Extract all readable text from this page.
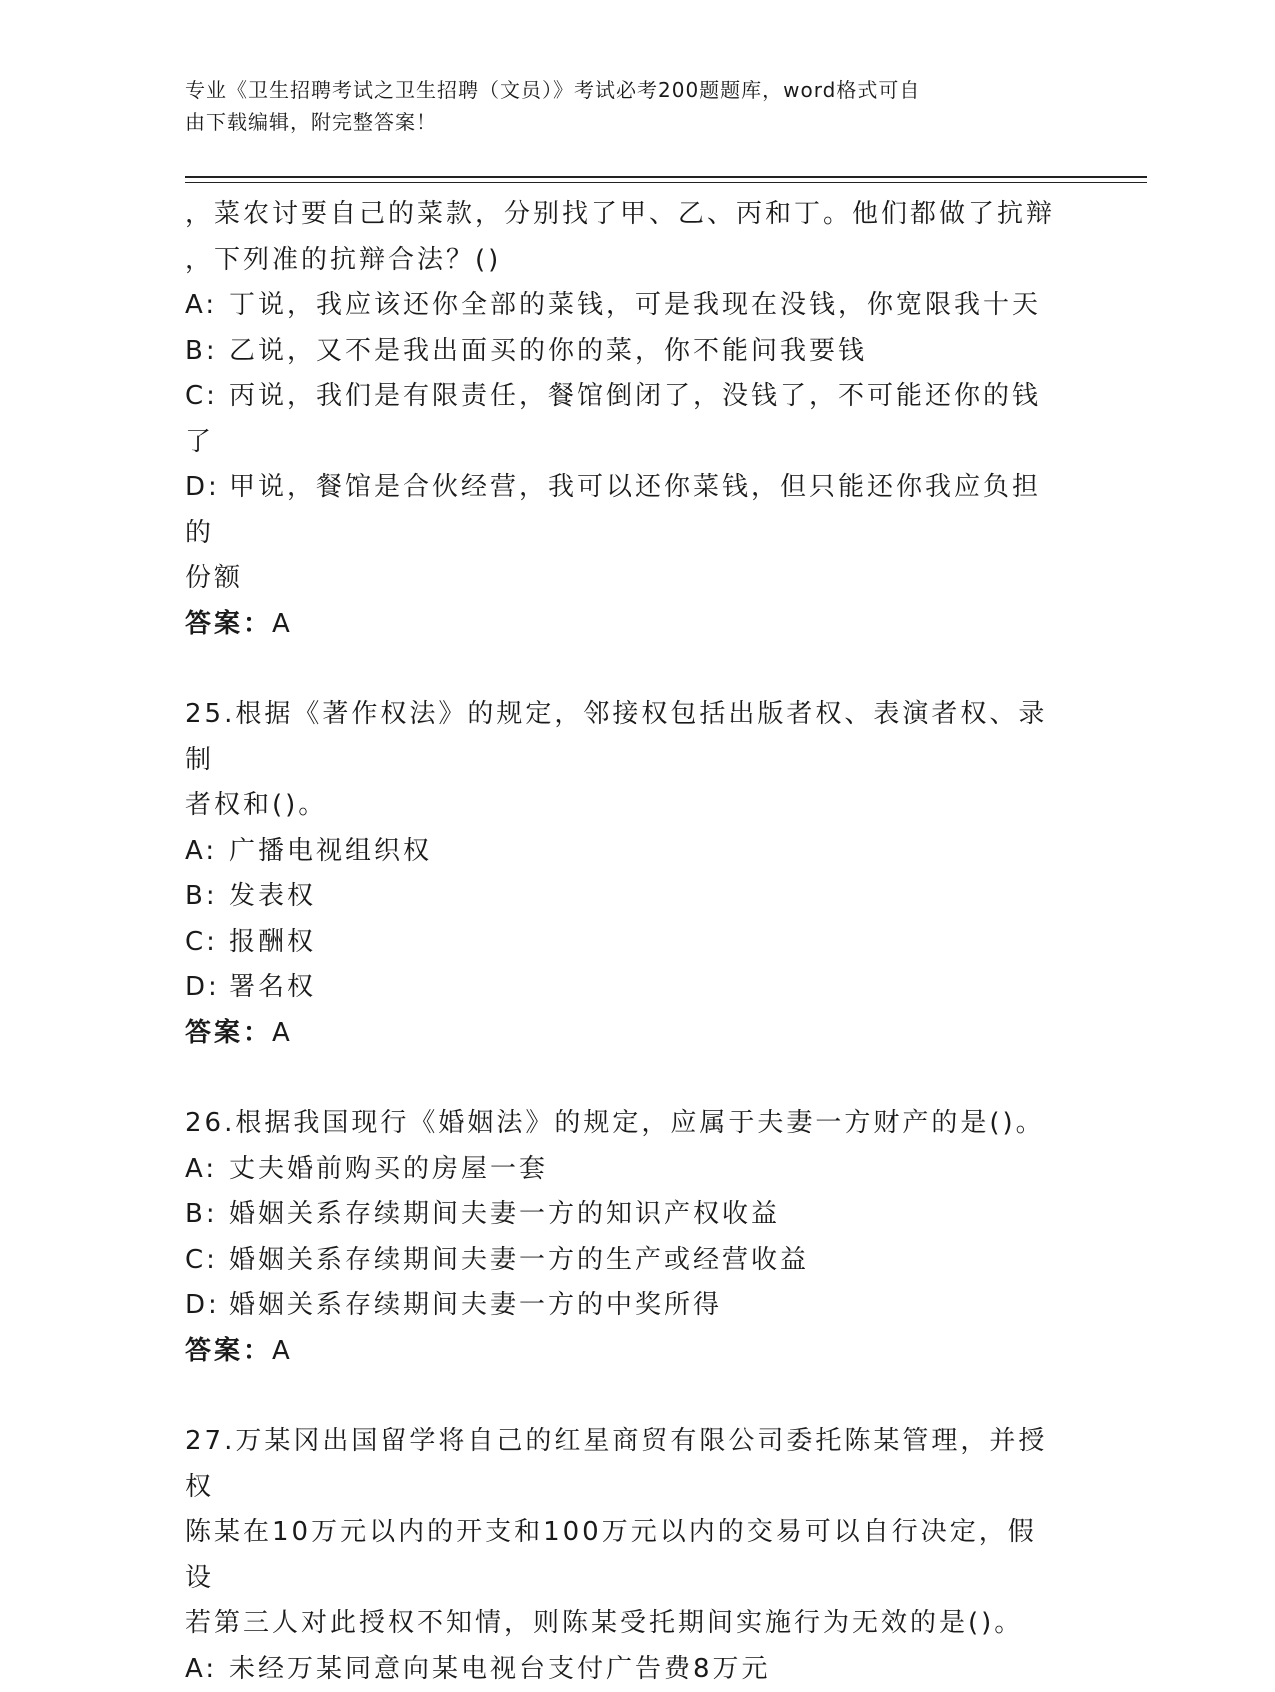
专业《卫生招聘考试之卫生招聘（文员）》考试必考200题题库，word格式可自
由下载编辑，附完整答案！
，菜农讨要自己的菜款，分别找了甲、乙、丙和丁。他们都做了抗辩
，下列准的抗辩合法？()
A: 丁说，我应该还你全部的菜钱，可是我现在没钱，你宽限我十天
B: 乙说，又不是我出面买的你的菜，你不能问我要钱
C: 丙说，我们是有限责任，餐馆倒闭了，没钱了，不可能还你的钱了
D: 甲说，餐馆是合伙经营，我可以还你菜钱，但只能还你我应负担的
份额
答案：A
25.根据《著作权法》的规定，邻接权包括出版者权、表演者权、录制
者权和()。
A: 广播电视组织权
B: 发表权
C: 报酬权
D: 署名权
答案：A
26.根据我国现行《婚姻法》的规定，应属于夫妻一方财产的是()。
A: 丈夫婚前购买的房屋一套
B: 婚姻关系存续期间夫妻一方的知识产权收益
C: 婚姻关系存续期间夫妻一方的生产或经营收益
D: 婚姻关系存续期间夫妻一方的中奖所得
答案：A
27.万某冈出国留学将自己的红星商贸有限公司委托陈某管理，并授权
陈某在10万元以内的开支和100万元以内的交易可以自行决定，假设
若第三人对此授权不知情，则陈某受托期间实施行为无效的是()。
A: 未经万某同意向某电视台支付广告费8万元
